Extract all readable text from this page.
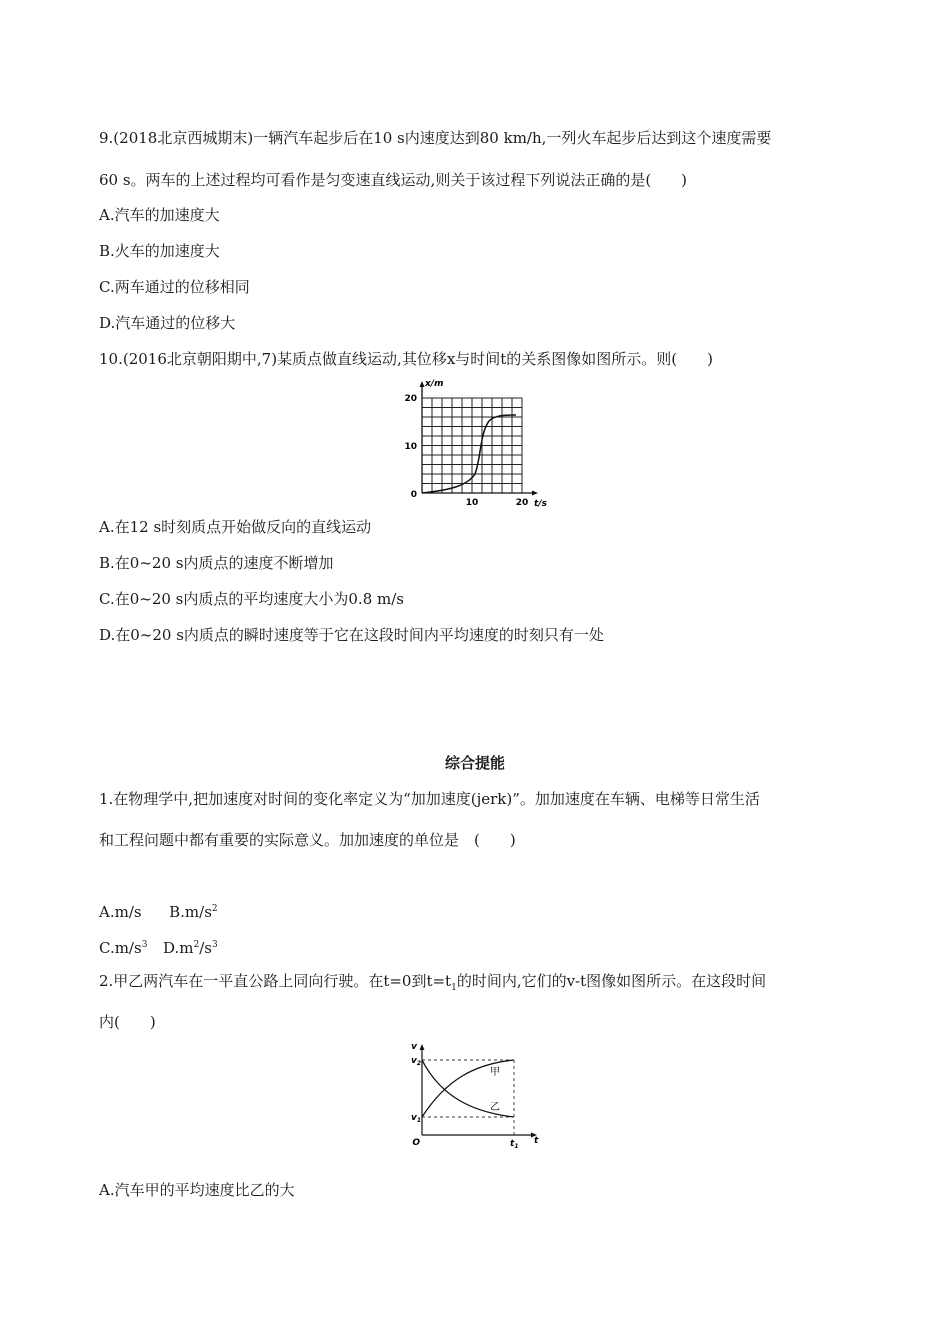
9.(2018北京西城期末)一辆汽车起步后在10 s内速度达到80 km/h,一列火车起步后达到这个速度需要
60 s。两车的上述过程均可看作是匀变速直线运动,则关于该过程下列说法正确的是(　　)
A.汽车的加速度大
B.火车的加速度大
C.两车通过的位移相同
D.汽车通过的位移大
10.(2016北京朝阳期中,7)某质点做直线运动,其位移x与时间t的关系图像如图所示。则(　　)
x/m
t/s
20
10
0
10	20
A.在12 s时刻质点开始做反向的直线运动
B.在0~20 s内质点的速度不断增加
C.在0~20 s内质点的平均速度大小为0.8 m/s
D.在0~20 s内质点的瞬时速度等于它在这段时间内平均速度的时刻只有一处
综合提能
1.在物理学中,把加速度对时间的变化率定义为“加加速度(jerk)”。加加速度在车辆、电梯等日常生活
和工程问题中都有重要的实际意义。加加速度的单位是　(　　)
A.m/s $B.m/s^2$
$C.m/s^3$ $D.m^2/s^3$
2.甲乙两汽车在一平直公路上同向行驶。在t=0到$t=t_1$的时间内,它们的v-t图像如图所示。在这段时间
内(　　)
v
t
O
$v_2$
$v_1$
$t_1$
甲
乙
A.汽车甲的平均速度比乙的大
